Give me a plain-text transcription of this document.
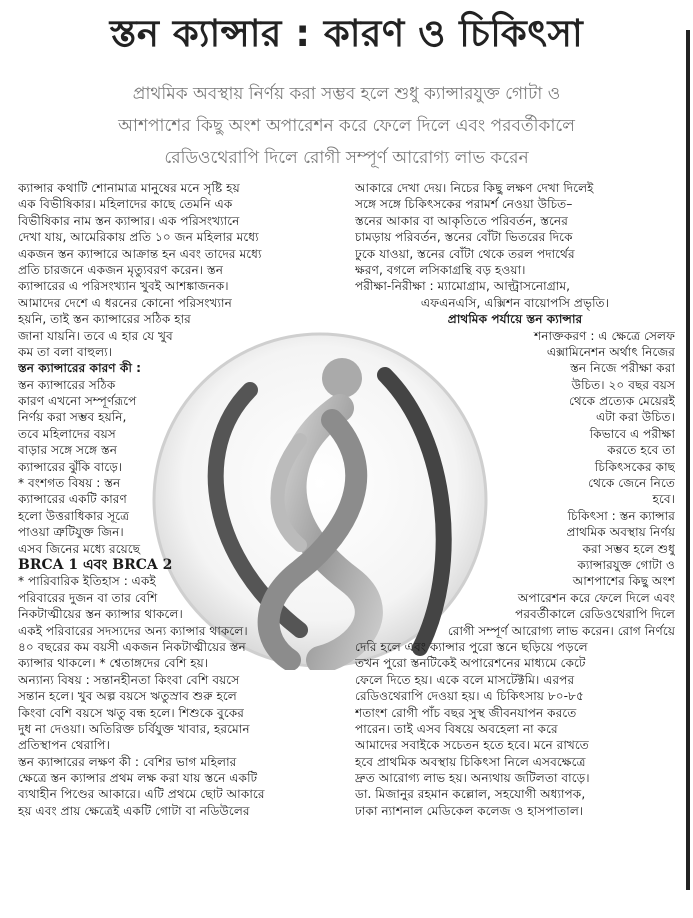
স্তন ক্যান্সার : কারণ ও চিকিৎসা
প্রাথমিক অবস্থায় নির্ণয় করা সম্ভব হলে শুধু ক্যান্সারযুক্ত গোটা ও
আশপাশের কিছু অংশ অপারেশন করে ফেলে দিলে এবং পরবর্তীকালে
রেডিওথেরাপি দিলে রোগী সম্পূর্ণ আরোগ্য লাভ করেন
ক্যান্সার কথাটি শোনামাত্র মানুষের মনে সৃষ্টি হয়
এক বিভীষিকার। মহিলাদের কাছে তেমনি এক
বিভীষিকার নাম স্তন ক্যান্সার। এক পরিসংখ্যানে
দেখা যায়, আমেরিকায় প্রতি ১০ জন মহিলার মধ্যে
একজন স্তন ক্যান্সারে আক্রান্ত হন এবং তাদের মধ্যে
প্রতি চারজনে একজন মৃত্যুবরণ করেন। স্তন
ক্যান্সারের এ পরিসংখ্যান খুবই আশঙ্কাজনক।
আমাদের দেশে এ ধরনের কোনো পরিসংখ্যান
হয়নি, তাই স্তন ক্যান্সারের সঠিক হার
জানা যায়নি। তবে এ হার যে খুব
কম তা বলা বাহুল্য।
স্তন ক্যান্সারের কারণ কী :
স্তন ক্যান্সারের সঠিক
কারণ এখনো সম্পূর্ণরূপে
নির্ণয় করা সম্ভব হয়নি,
তবে মহিলাদের বয়স
বাড়ার সঙ্গে সঙ্গে স্তন
ক্যান্সারের ঝুঁকি বাড়ে।
* বংশগত বিষয় : স্তন
ক্যান্সারের একটি কারণ
হলো উত্তরাধিকার সূত্রে
পাওয়া ত্রুটিযুক্ত জিন।
এসব জিনের মধ্যে রয়েছে
BRCA 1 এবং BRCA 2
* পারিবারিক ইতিহাস : একই
পরিবারের দুজন বা তার বেশি
নিকটাত্মীয়ের স্তন ক্যান্সার থাকলে।
একই পরিবারের সদস্যদের অন্য ক্যান্সার থাকলে।
৪০ বছরের কম বয়সী একজন নিকটাত্মীয়ের স্তন
ক্যান্সার থাকলে। * শ্বেতাঙ্গদের বেশি হয়।
অন্যান্য বিষয় : সন্তানহীনতা কিংবা বেশি বয়সে
সন্তান হলে। খুব অল্প বয়সে ঋতুস্রাব শুরু হলে
কিংবা বেশি বয়সে ঋতু বন্ধ হলে। শিশুকে বুকের
দুধ না দেওয়া। অতিরিক্ত চর্বিযুক্ত খাবার, হরমোন
প্রতিস্থাপন থেরাপি।
স্তন ক্যান্সারের লক্ষণ কী : বেশির ভাগ মহিলার
ক্ষেত্রে স্তন ক্যান্সার প্রথম লক্ষ করা যায় স্তনে একটি
ব্যথাহীন পিণ্ডের আকারে। এটি প্রথমে ছোট আকারে
হয় এবং প্রায় ক্ষেত্রেই একটি গোটা বা নডিউলের
আকারে দেখা দেয়। নিচের কিছু লক্ষণ দেখা দিলেই
সঙ্গে সঙ্গে চিকিৎসকের পরামর্শ নেওয়া উচিত–
স্তনের আকার বা আকৃতিতে পরিবর্তন, স্তনের
চামড়ায় পরিবর্তন, স্তনের বোঁটা ভিতরের দিকে
ঢুকে যাওয়া, স্তনের বোঁটা থেকে তরল পদার্থের
ক্ষরণ, বগলে লসিকাগ্রন্থি বড় হওয়া।
পরীক্ষা-নিরীক্ষা : ম্যামোগ্রাম, আল্ট্রাসনোগ্রাম,
এফএনএসি, এক্সিশন বায়োপসি প্রভৃতি।
প্রাথমিক পর্যায়ে স্তন ক্যান্সার
শনাক্তকরণ : এ ক্ষেত্রে সেলফ
এক্সামিনেশন অর্থাৎ নিজের
স্তন নিজে পরীক্ষা করা
উচিত। ২০ বছর বয়স
থেকে প্রত্যেক মেয়েরই
এটা করা উচিত।
কিভাবে এ পরীক্ষা
করতে হবে তা
চিকিৎসকের কাছ
থেকে জেনে নিতে
হবে।
চিকিৎসা : স্তন ক্যান্সার
প্রাথমিক অবস্থায় নির্ণয়
করা সম্ভব হলে শুধু
ক্যান্সারযুক্ত গোটা ও
আশপাশের কিছু অংশ
অপারেশন করে ফেলে দিলে এবং
পরবর্তীকালে রেডিওথেরাপি দিলে
রোগী সম্পূর্ণ আরোগ্য লাভ করেন। রোগ নির্ণয়ে
দেরি হলে এবং ক্যান্সার পুরো স্তনে ছড়িয়ে পড়লে
তখন পুরো স্তনটিকেই অপারেশনের মাধ্যমে কেটে
ফেলে দিতে হয়। একে বলে মাসটেক্টমি। এরপর
রেডিওথেরাপি দেওয়া হয়। এ চিকিৎসায় ৮০-৮৫
শতাংশ রোগী পাঁচ বছর সুস্থ জীবনযাপন করতে
পারেন। তাই এসব বিষয়ে অবহেলা না করে
আমাদের সবাইকে সচেতন হতে হবে। মনে রাখতে
হবে প্রাথমিক অবস্থায় চিকিৎসা নিলে এসবক্ষেত্রে
দ্রুত আরোগ্য লাভ হয়। অন্যথায় জটিলতা বাড়ে।
ডা. মিজানুর রহমান কল্লোল, সহযোগী অধ্যাপক,
ঢাকা ন্যাশনাল মেডিকেল কলেজ ও হাসপাতাল।
